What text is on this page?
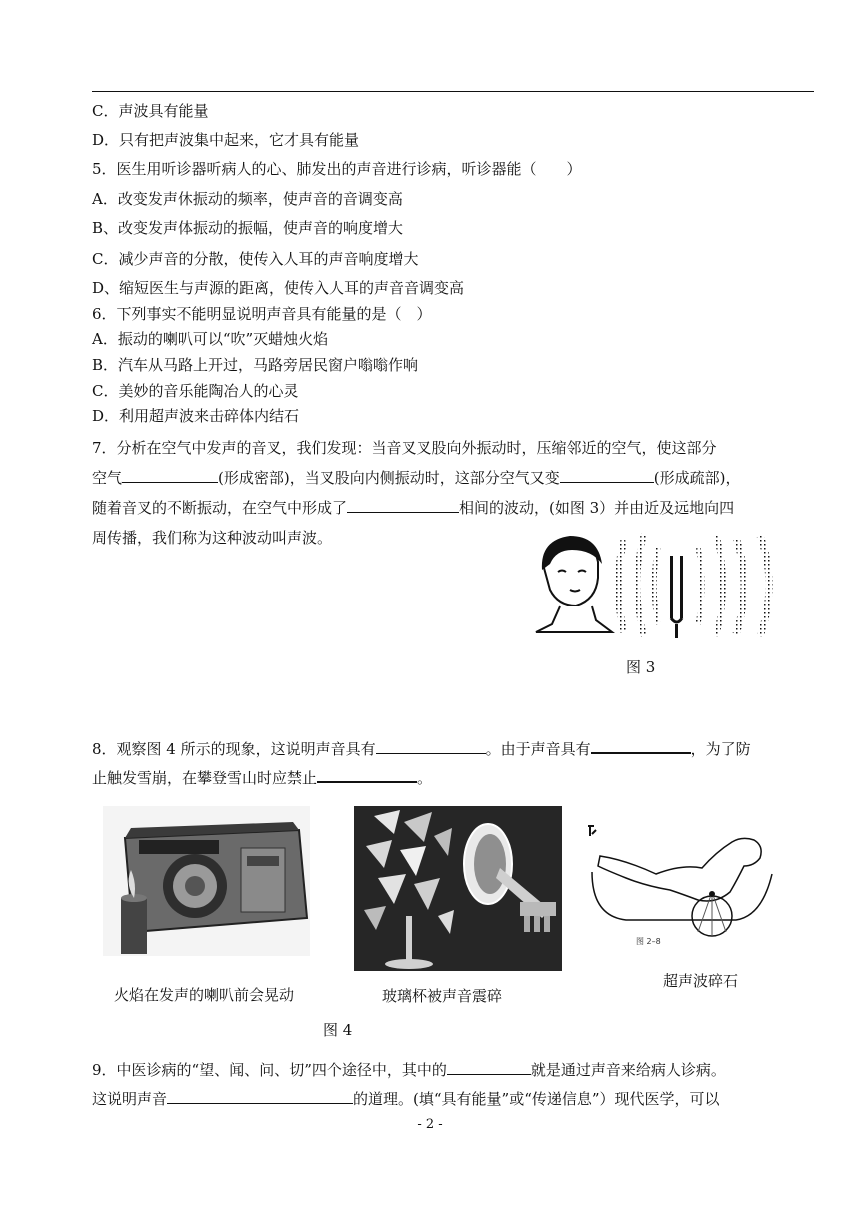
C．声波具有能量
D．只有把声波集中起来，它才具有能量
5．医生用听诊器听病人的心、肺发出的声音进行诊病，听诊器能（　　）
A．改变发声休振动的频率，使声音的音调变高
B、改变发声体振动的振幅，使声音的响度增大
C．减少声音的分散，使传入人耳的声音响度增大
D、缩短医生与声源的距离，使传入人耳的声音音调变高
6．下列事实不能明显说明声音具有能量的是（　）
A．振动的喇叭可以“吹”灭蜡烛火焰
B．汽车从马路上开过，马路旁居民窗户嗡嗡作响
C．美妙的音乐能陶冶人的心灵
D．利用超声波来击碎体内结石
7．分析在空气中发声的音叉，我们发现：当音叉叉股向外振动时，压缩邻近的空气，使这部分
空气	(形成密部)，当叉股向内侧振动时，这部分空气又变	(形成疏部)，
随着音叉的不断振动，在空气中形成了	相间的波动，(如图 3）并由近及远地向四
周传播，我们称为这种波动叫声波。
图 3
8．观察图 4 所示的现象，这说明声音具有	。由于声音具有	，为了防
止触发雪崩，在攀登雪山时应禁止	。
火焰在发声的喇叭前会晃动	玻璃杯被声音震碎
图 2–8
超声波碎石
图 4
9．中医诊病的“望、闻、问、切”四个途径中，其中的	就是通过声音来给病人诊病。
这说明声音	的道理。(填“具有能量”或“传递信息”）现代医学，可以
- 2 -
